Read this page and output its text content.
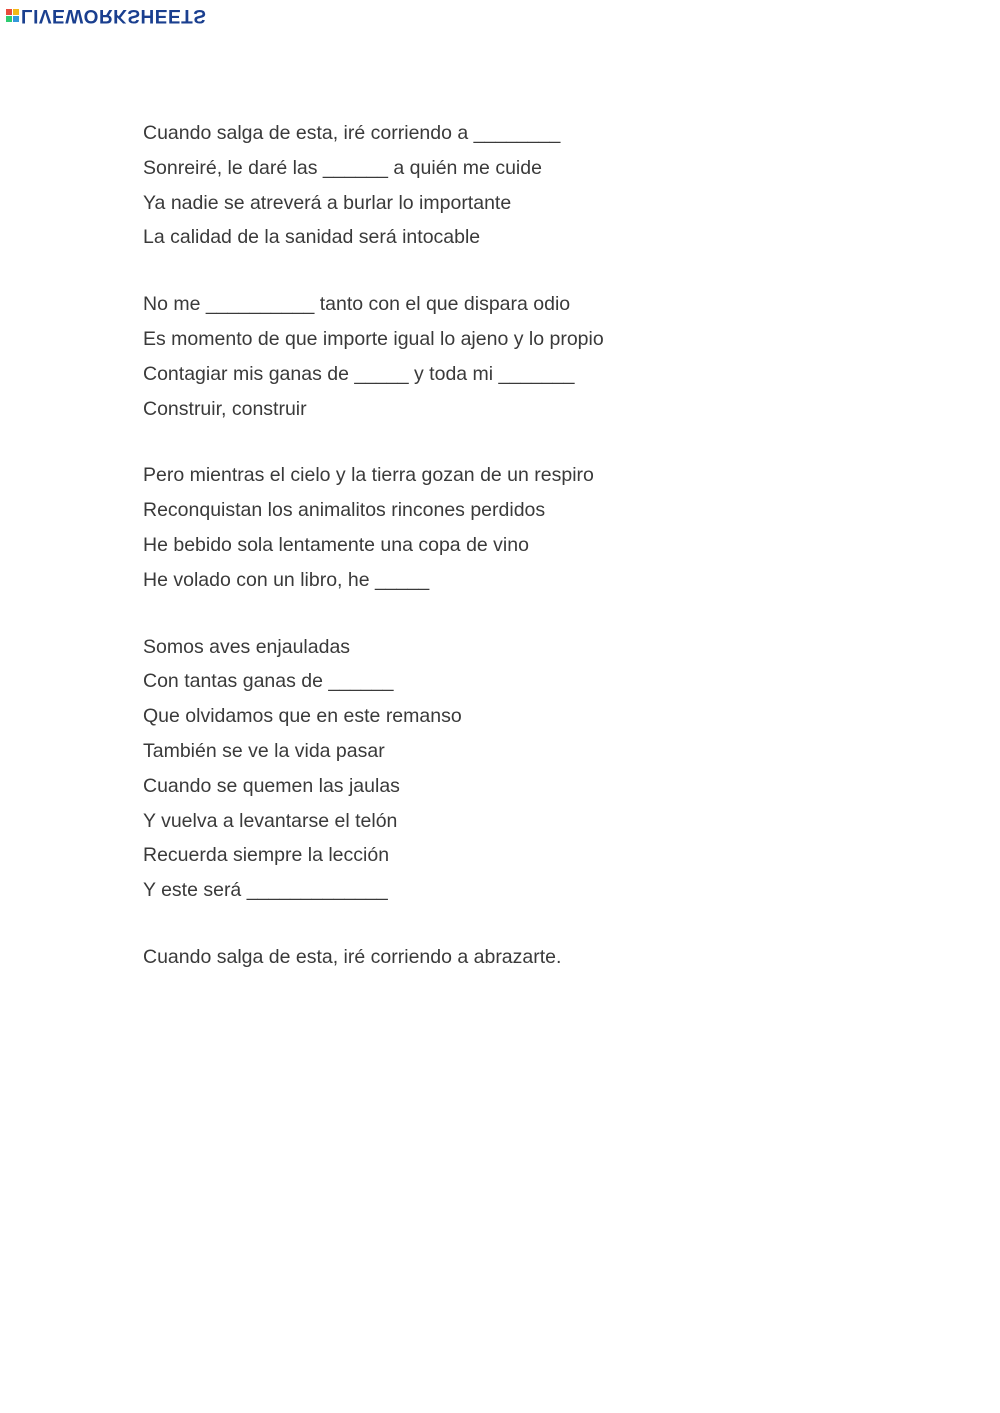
LIVEWORKSHEETS

Cuando salga de esta, iré corriendo a ________

Sonreiré, le daré las ______ a quién me cuide

Ya nadie se atreverá a burlar lo importante

La calidad de la sanidad será intocable

No me __________ tanto con el que dispara odio

Es momento de que importe igual lo ajeno y lo propio

Contagiar mis ganas de _____ y toda mi _______

Construir, construir

Pero mientras el cielo y la tierra gozan de un respiro

Reconquistan los animalitos rincones perdidos

He bebido sola lentamente una copa de vino

He volado con un libro, he _____

Somos aves enjauladas

Con tantas ganas de ______

Que olvidamos que en este remanso

También se ve la vida pasar

Cuando se quemen las jaulas

Y vuelva a levantarse el telón

Recuerda siempre la lección

Y este será _____________

Cuando salga de esta, iré corriendo a abrazarte.
